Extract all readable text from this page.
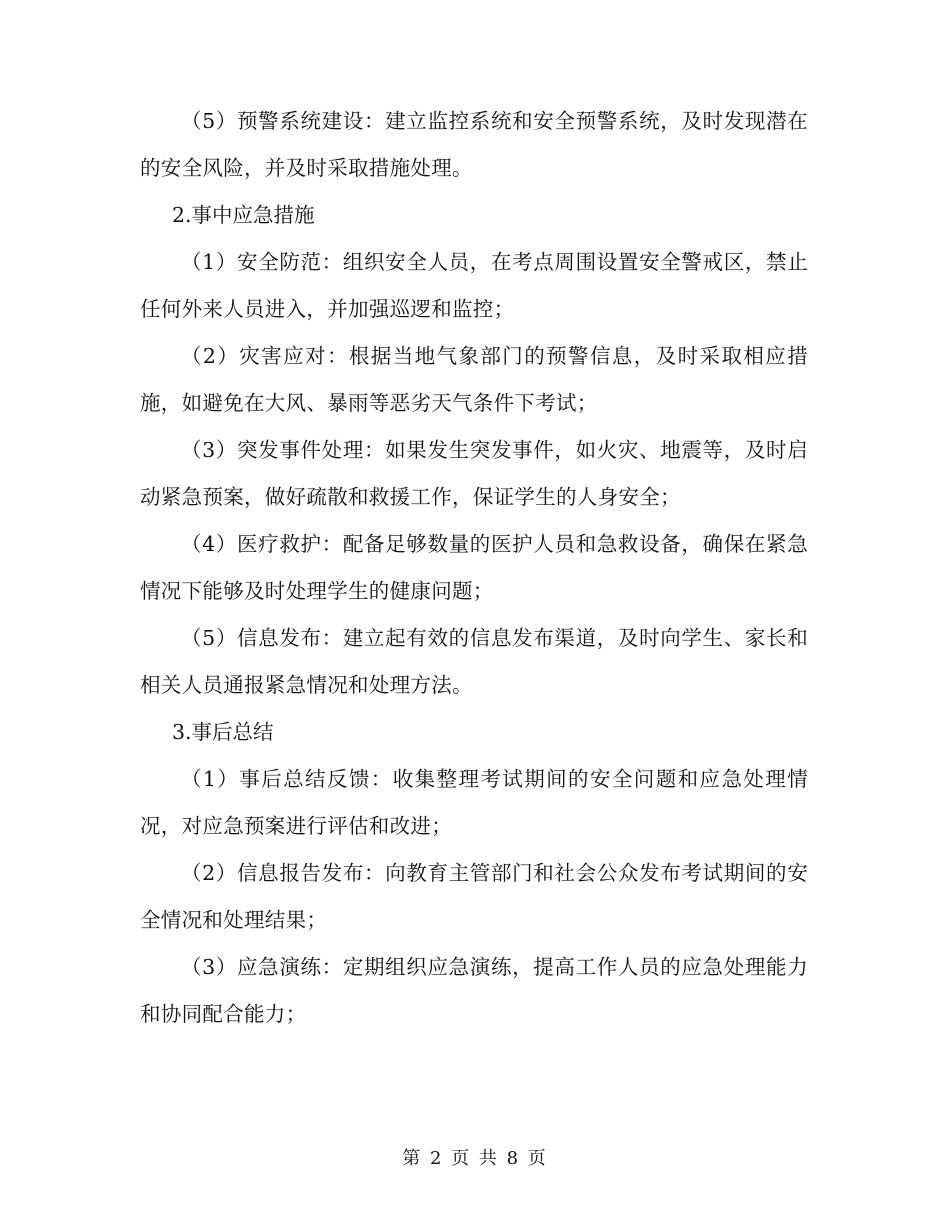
（5）预警系统建设：建立监控系统和安全预警系统，及时发现潜在的安全风险，并及时采取措施处理。

2.事中应急措施

（1）安全防范：组织安全人员，在考点周围设置安全警戒区，禁止任何外来人员进入，并加强巡逻和监控；

（2）灾害应对：根据当地气象部门的预警信息，及时采取相应措施，如避免在大风、暴雨等恶劣天气条件下考试；

（3）突发事件处理：如果发生突发事件，如火灾、地震等，及时启动紧急预案，做好疏散和救援工作，保证学生的人身安全；

（4）医疗救护：配备足够数量的医护人员和急救设备，确保在紧急情况下能够及时处理学生的健康问题；

（5）信息发布：建立起有效的信息发布渠道，及时向学生、家长和相关人员通报紧急情况和处理方法。

3.事后总结

（1）事后总结反馈：收集整理考试期间的安全问题和应急处理情况，对应急预案进行评估和改进；

（2）信息报告发布：向教育主管部门和社会公众发布考试期间的安全情况和处理结果；

（3）应急演练：定期组织应急演练，提高工作人员的应急处理能力和协同配合能力；

第 2 页 共 8 页
